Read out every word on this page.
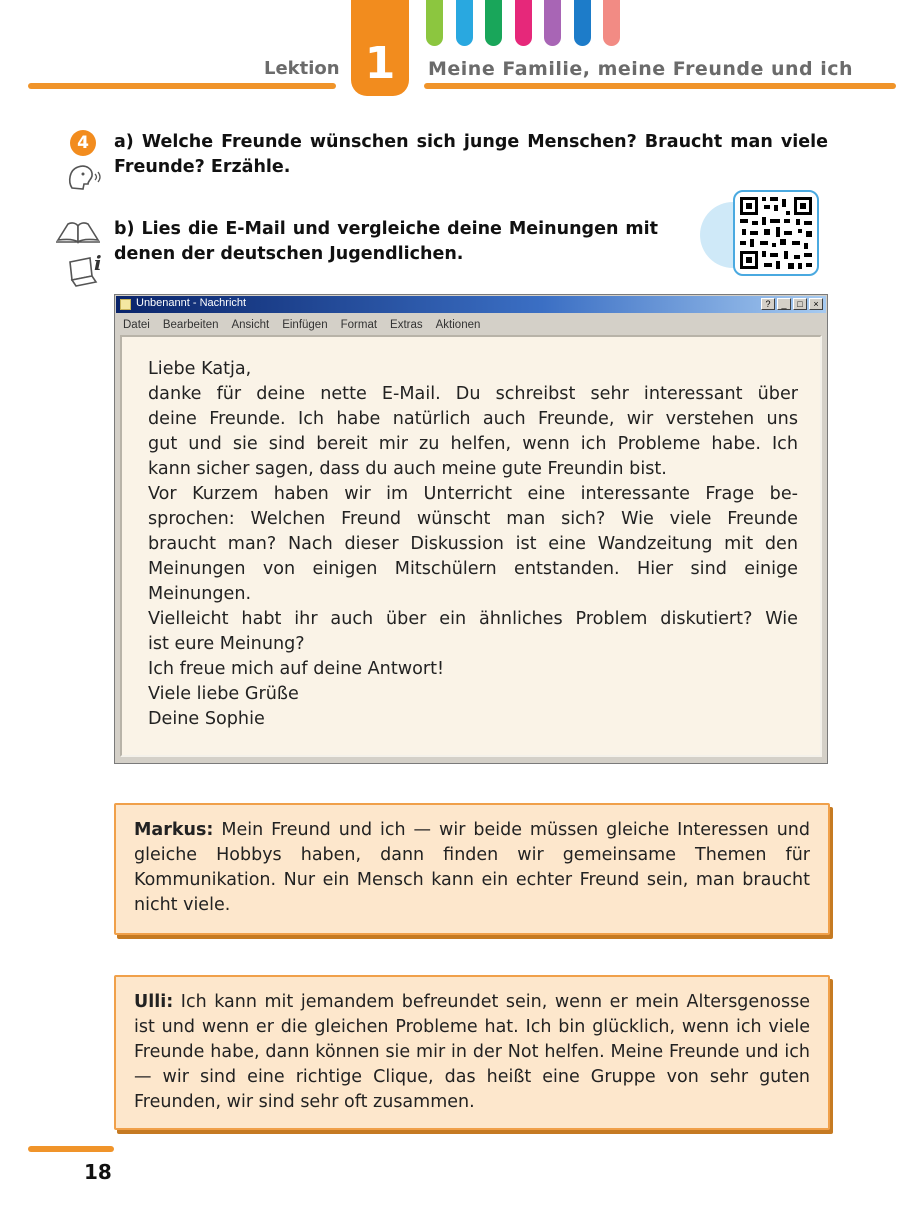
Lektion 1	Meine Familie, meine Freunde und ich
4	a) Welche Freunde wünschen sich junge Menschen? Braucht man viele Freunde? Erzähle.
i
b) Lies die E-Mail und vergleiche deine Meinungen mit denen der deutschen Jugendlichen.
Unbenannt - Nachricht	?	_	□	×
Datei Bearbeiten Ansicht Einfügen Format Extras Aktionen
Liebe Katja,
danke für deine nette E-Mail. Du schreibst sehr interessant über
deine Freunde. Ich habe natürlich auch Freunde, wir verstehen uns
gut und sie sind bereit mir zu helfen, wenn ich Probleme habe. Ich
kann sicher sagen, dass du auch meine gute Freundin bist.
Vor Kurzem haben wir im Unterricht eine interessante Frage be-
sprochen: Welchen Freund wünscht man sich? Wie viele Freunde
braucht man? Nach dieser Diskussion ist eine Wandzeitung mit den
Meinungen von einigen Mitschülern entstanden. Hier sind einige
Meinungen.
Vielleicht habt ihr auch über ein ähnliches Problem diskutiert? Wie
ist eure Meinung?
Ich freue mich auf deine Antwort!
Viele liebe Grüße
Deine Sophie
Markus: Mein Freund und ich — wir beide müssen gleiche Interessen und gleiche Hobbys haben, dann finden wir gemeinsame Themen für Kommunikation. Nur ein Mensch kann ein echter Freund sein, man braucht nicht viele.
Ulli: Ich kann mit jemandem befreundet sein, wenn er mein Altersgenosse ist und wenn er die gleichen Probleme hat. Ich bin glücklich, wenn ich viele Freunde habe, dann können sie mir in der Not helfen. Meine Freunde und ich — wir sind eine richtige Clique, das heißt eine Gruppe von sehr guten Freunden, wir sind sehr oft zusammen.
18
